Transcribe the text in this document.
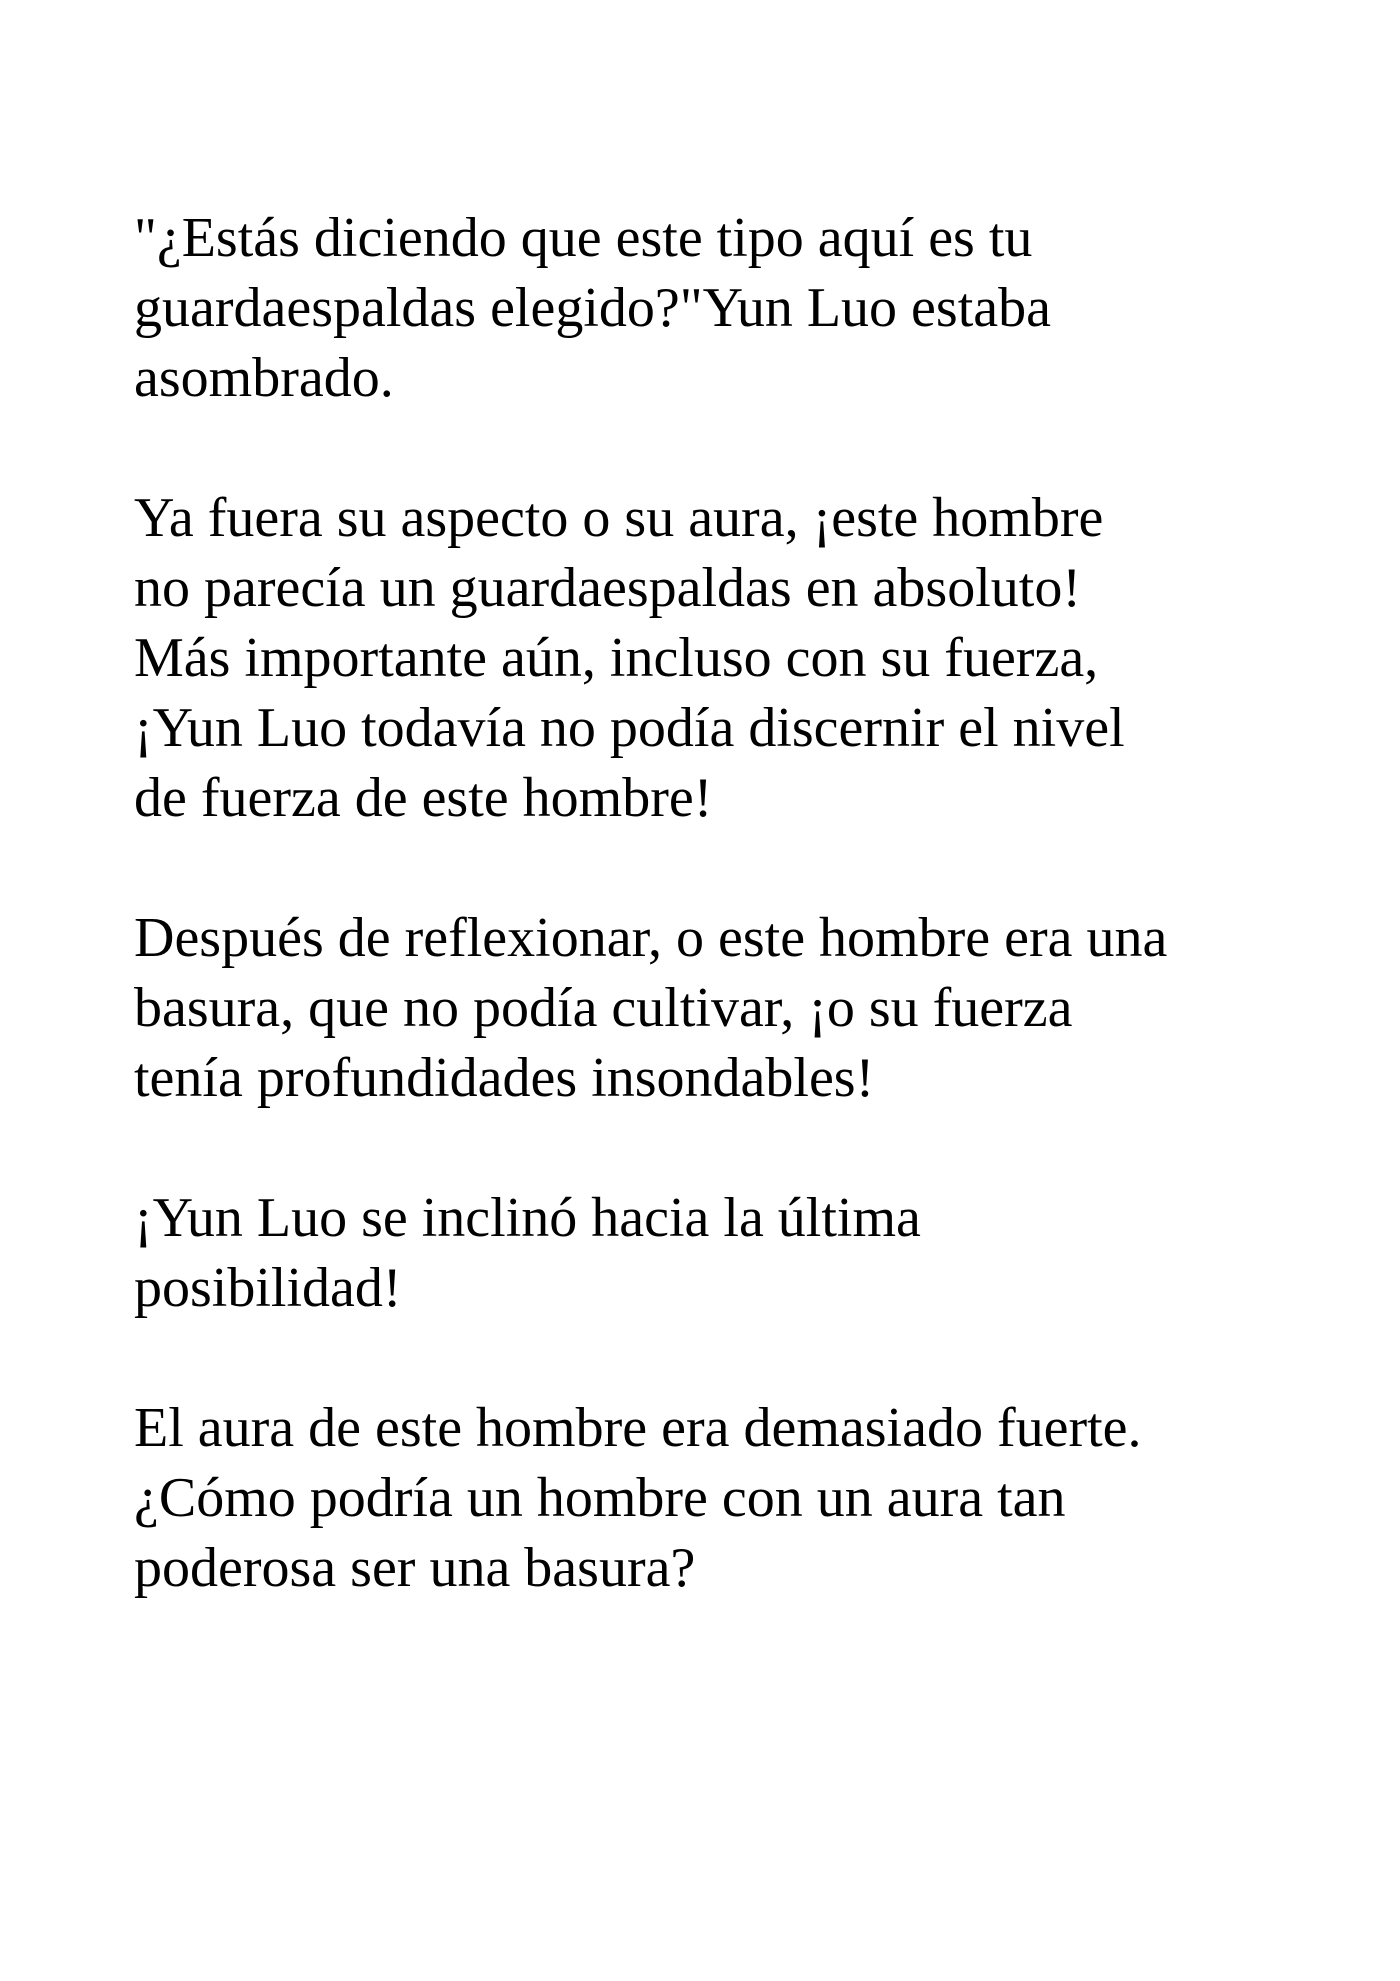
"¿Estás diciendo que este tipo aquí es tu
guardaespaldas elegido?"Yun Luo estaba
asombrado.

Ya fuera su aspecto o su aura, ¡este hombre
no parecía un guardaespaldas en absoluto!
Más importante aún, incluso con su fuerza,
¡Yun Luo todavía no podía discernir el nivel
de fuerza de este hombre!

Después de reflexionar, o este hombre era una
basura, que no podía cultivar, ¡o su fuerza
tenía profundidades insondables!

¡Yun Luo se inclinó hacia la última
posibilidad!

El aura de este hombre era demasiado fuerte.
¿Cómo podría un hombre con un aura tan
poderosa ser una basura?
